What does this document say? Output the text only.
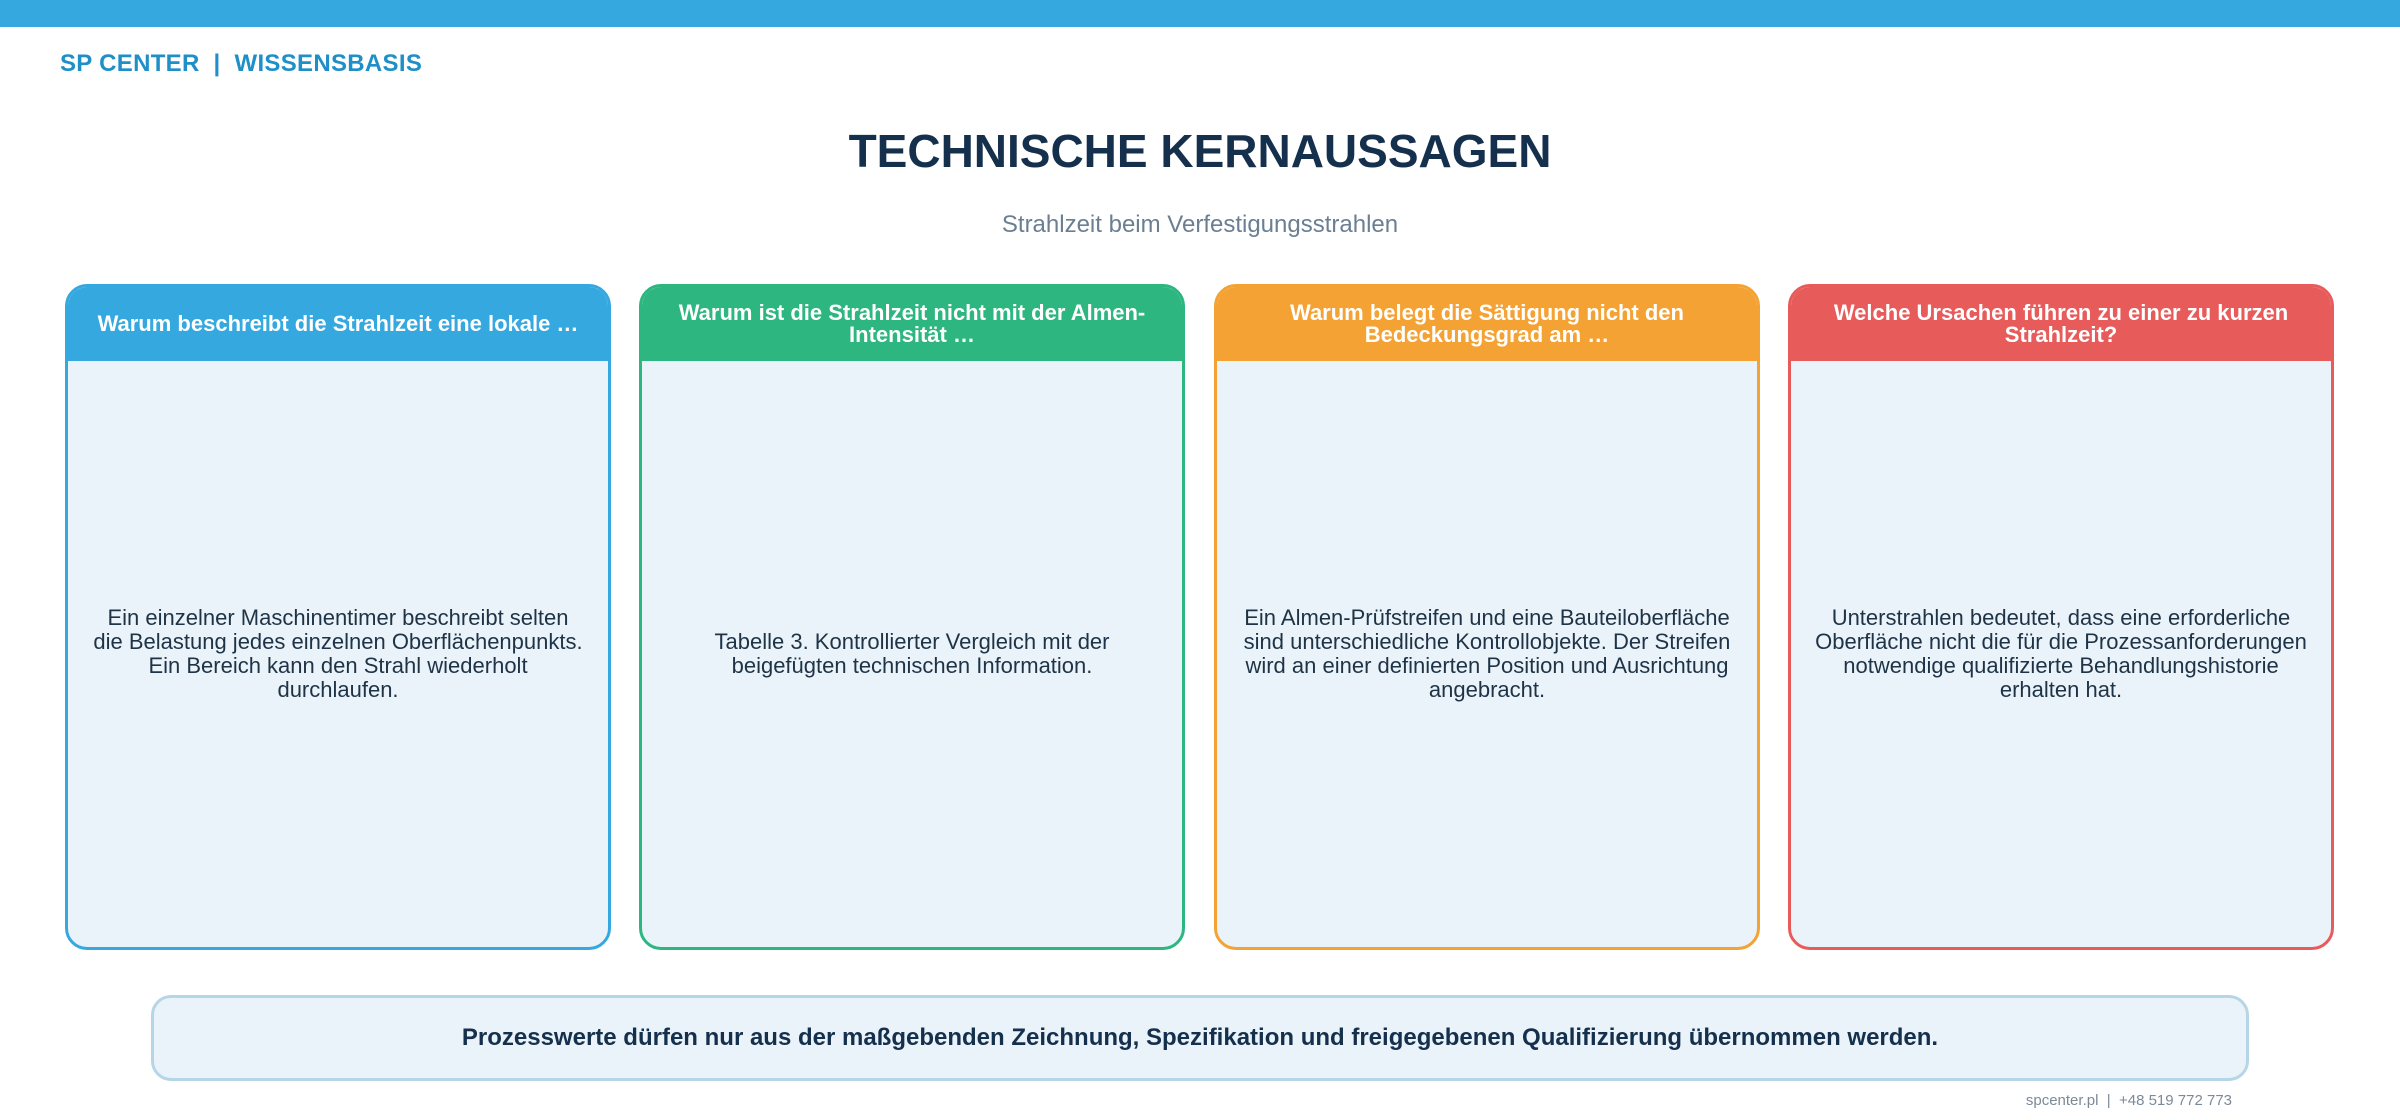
SP CENTER  |  WISSENSBASIS
TECHNISCHE KERNAUSSAGEN
Strahlzeit beim Verfestigungsstrahlen
Warum beschreibt die Strahlzeit eine lokale …
Ein einzelner Maschinentimer beschreibt selten die Belastung jedes einzelnen Oberflächenpunkts. Ein Bereich kann den Strahl wiederholt durchlaufen.
Warum ist die Strahlzeit nicht mit der Almen-Intensität …
Tabelle 3. Kontrollierter Vergleich mit der beigefügten technischen Information.
Warum belegt die Sättigung nicht den Bedeckungsgrad am …
Ein Almen-Prüfstreifen und eine Bauteiloberfläche sind unterschiedliche Kontrollobjekte. Der Streifen wird an einer definierten Position und Ausrichtung angebracht.
Welche Ursachen führen zu einer zu kurzen Strahlzeit?
Unterstrahlen bedeutet, dass eine erforderliche Oberfläche nicht die für die Prozessanforderungen notwendige qualifizierte Behandlungshistorie erhalten hat.
Prozesswerte dürfen nur aus der maßgebenden Zeichnung, Spezifikation und freigegebenen Qualifizierung übernommen werden.
spcenter.pl  |  +48 519 772 773
